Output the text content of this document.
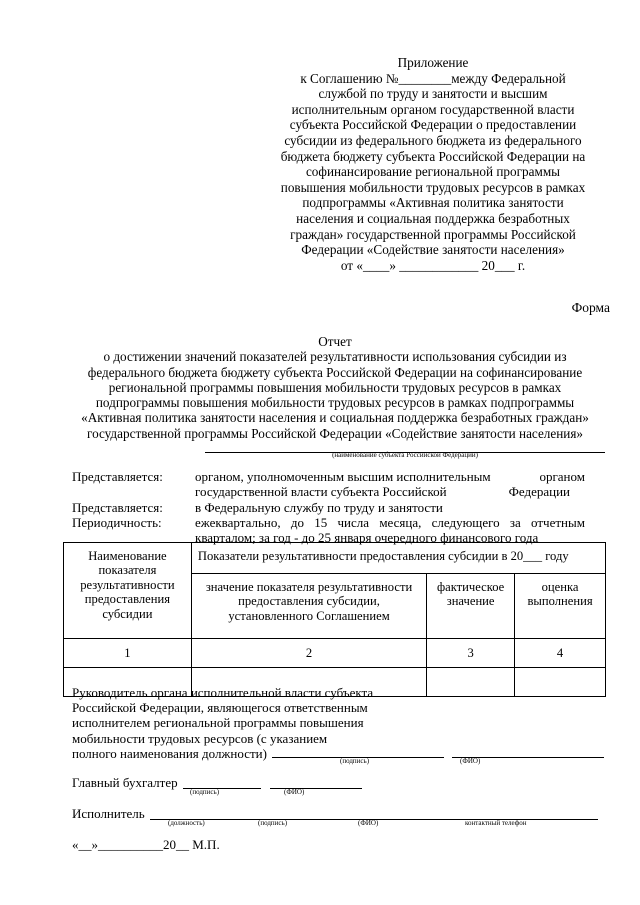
Приложение
к Соглашению №________между Федеральной
службой по труду и занятости и высшим
исполнительным органом государственной власти
субъекта Российской Федерации о предоставлении
субсидии из федерального бюджета из федерального
бюджета бюджету субъекта Российской Федерации на
софинансирование региональной программы
повышения мобильности трудовых ресурсов в рамках
подпрограммы «Активная политика занятости
населения и социальная поддержка безработных
граждан» государственной программы Российской
Федерации «Содействие занятости населения»
от «____» ____________ 20___ г.
Форма
Отчет
о достижении значений показателей результативности использования субсидии из
федерального бюджета бюджету субъекта Российской Федерации на софинансирование
региональной программы повышения мобильности трудовых ресурсов в рамках
подпрограммы повышения мобильности трудовых ресурсов в рамках подпрограммы
«Активная политика занятости населения и социальная поддержка безработных граждан»
государственной программы Российской Федерации «Содействие занятости населения»
(наименование субъекта Российской Федерации)
Представляется: органом, уполномоченным высшим исполнительным	органом
государственной власти субъекта Российской	Федерации
Представляется: в Федеральную службу по труду и занятости
Периодичность:	ежеквартально, до 15 числа месяца, следующего за отчетным
кварталом; за год - до 25 января очередного финансового года
Наименование показателя результативности предоставления субсидии	Показатели результативности предоставления субсидии в 20___ году		
	значение показателя результативности предоставления субсидии, установленного Соглашением	фактическое значение	оценка выполнения
1	2	3	4

Руководитель органа исполнительной власти субъекта
Российской Федерации, являющегося ответственным
исполнителем региональной программы повышения
мобильности трудовых ресурсов (с указанием
полного наименования должности)
(подпись)	(ФИО)
Главный бухгалтер
(подпись)	(ФИО)
Исполнитель
(должность)	(подпись)	(ФИО)	контактный телефон
«__»__________20__ М.П.
